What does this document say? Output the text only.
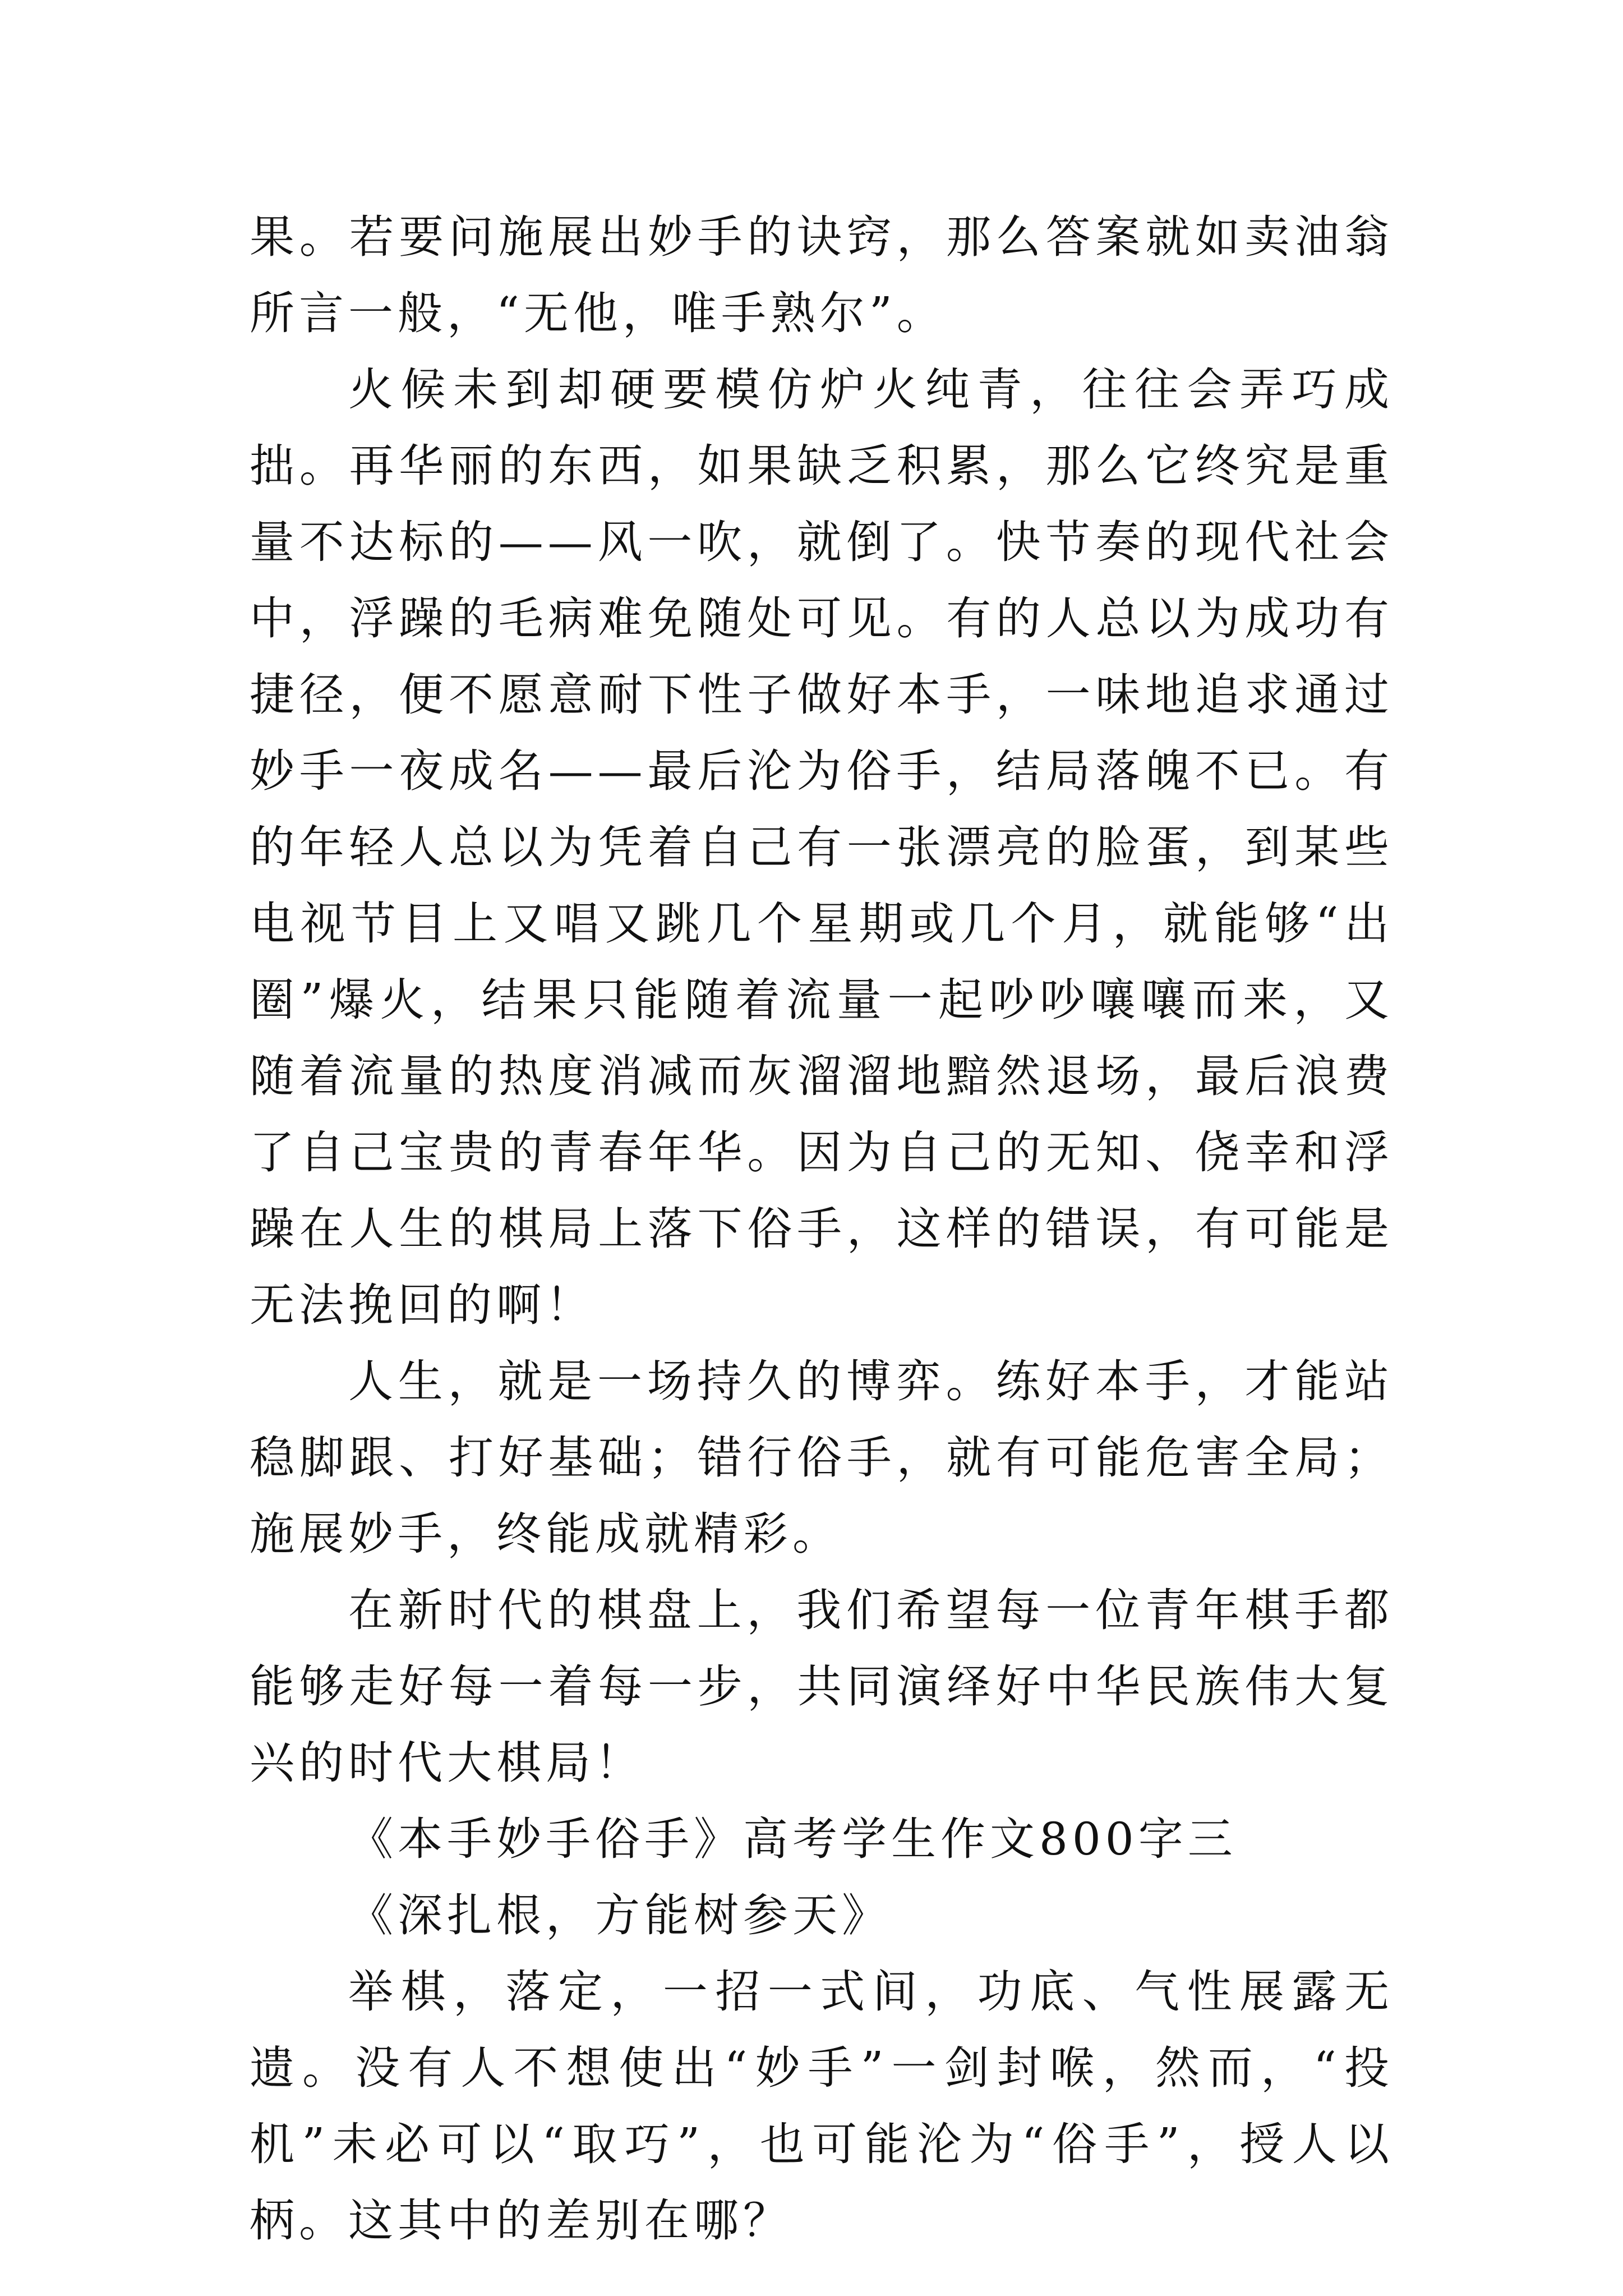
果。若要问施展出妙手的诀窍，那么答案就如卖油翁所言一般，“无他，唯手熟尔”。

火候未到却硬要模仿炉火纯青，往往会弄巧成拙。再华丽的东西，如果缺乏积累，那么它终究是重量不达标的——风一吹，就倒了。快节奏的现代社会中，浮躁的毛病难免随处可见。有的人总以为成功有捷径，便不愿意耐下性子做好本手，一味地追求通过妙手一夜成名——最后沦为俗手，结局落魄不已。有的年轻人总以为凭着自己有一张漂亮的脸蛋，到某些电视节目上又唱又跳几个星期或几个月，就能够“出圈”爆火，结果只能随着流量一起吵吵嚷嚷而来，又随着流量的热度消减而灰溜溜地黯然退场，最后浪费了自己宝贵的青春年华。因为自己的无知、侥幸和浮躁在人生的棋局上落下俗手，这样的错误，有可能是无法挽回的啊！

人生，就是一场持久的博弈。练好本手，才能站稳脚跟、打好基础；错行俗手，就有可能危害全局；施展妙手，终能成就精彩。

在新时代的棋盘上，我们希望每一位青年棋手都能够走好每一着每一步，共同演绎好中华民族伟大复兴的时代大棋局！

《本手妙手俗手》高考学生作文800字三

《深扎根，方能树参天》

举棋，落定，一招一式间，功底、气性展露无遗。没有人不想使出“妙手”一剑封喉，然而，“投机”未必可以“取巧”，也可能沦为“俗手”，授人以柄。这其中的差别在哪？
